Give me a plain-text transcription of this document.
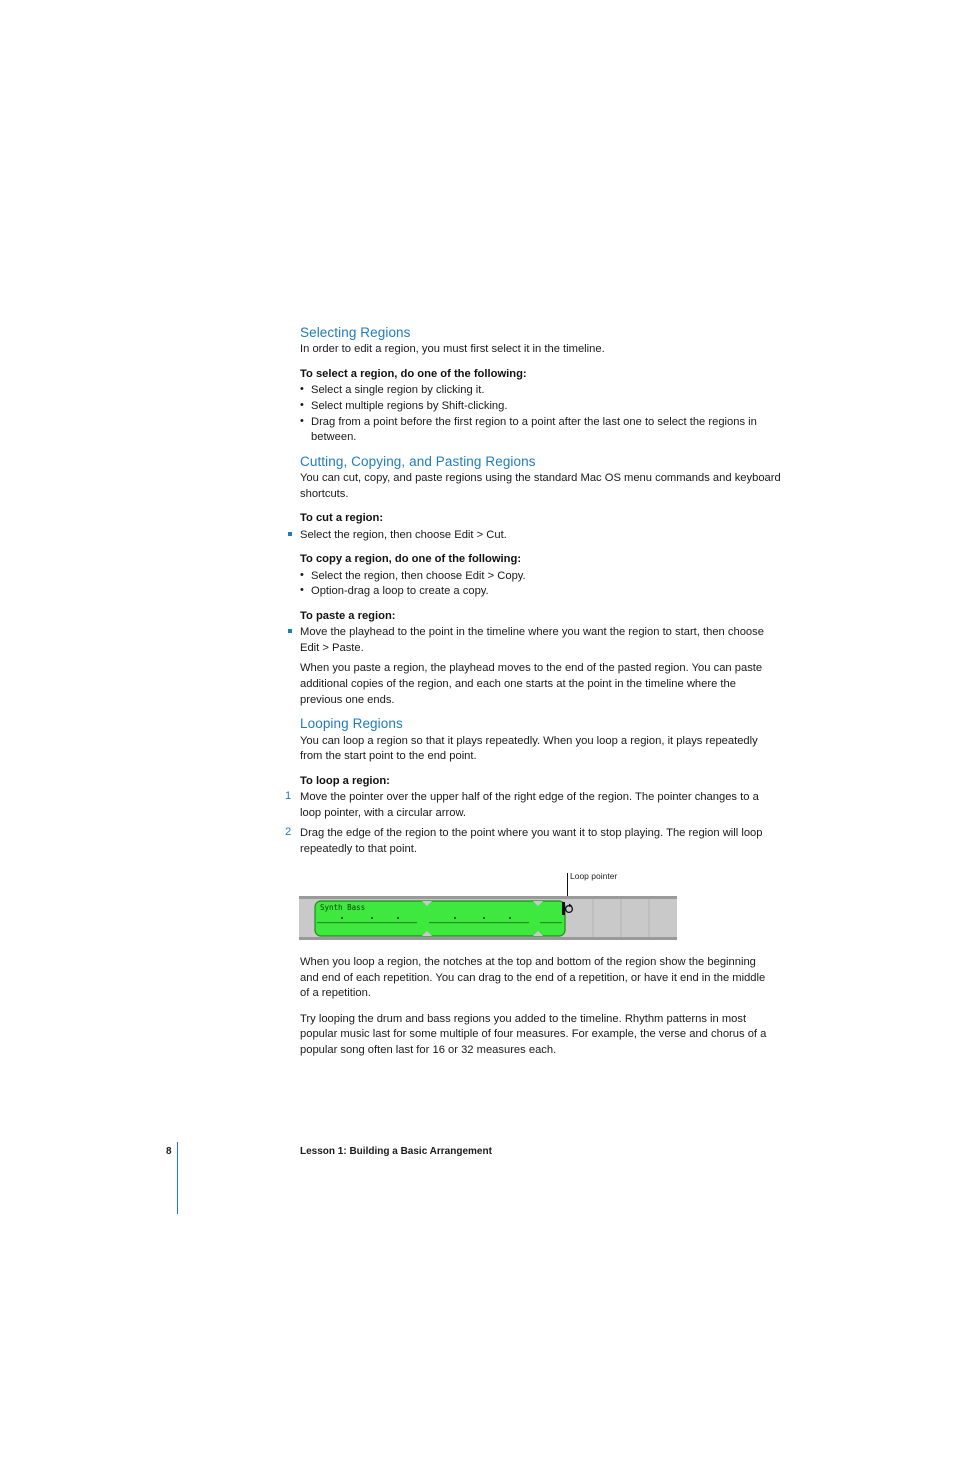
Selecting Regions
In order to edit a region, you must first select it in the timeline.
To select a region, do one of the following:
• Select a single region by clicking it.
• Select multiple regions by Shift-clicking.
• Drag from a point before the first region to a point after the last one to select the regions in
between.
Cutting, Copying, and Pasting Regions
You can cut, copy, and paste regions using the standard Mac OS menu commands and keyboard
shortcuts.
To cut a region:
Select the region, then choose Edit > Cut.
To copy a region, do one of the following:
• Select the region, then choose Edit > Copy.
• Option-drag a loop to create a copy.
To paste a region:
Move the playhead to the point in the timeline where you want the region to start, then choose
Edit > Paste.
When you paste a region, the playhead moves to the end of the pasted region. You can paste
additional copies of the region, and each one starts at the point in the timeline where the
previous one ends.
Looping Regions
You can loop a region so that it plays repeatedly. When you loop a region, it plays repeatedly
from the start point to the end point.
To loop a region:
1 Move the pointer over the upper half of the right edge of the region. The pointer changes to a
loop pointer, with a circular arrow.
2 Drag the edge of the region to the point where you want it to stop playing. The region will loop
repeatedly to that point.
Loop pointer
Synth Bass
When you loop a region, the notches at the top and bottom of the region show the beginning
and end of each repetition. You can drag to the end of a repetition, or have it end in the middle
of a repetition.
Try looping the drum and bass regions you added to the timeline. Rhythm patterns in most
popular music last for some multiple of four measures. For example, the verse and chorus of a
popular song often last for 16 or 32 measures each.
8	Lesson 1: Building a Basic Arrangement
